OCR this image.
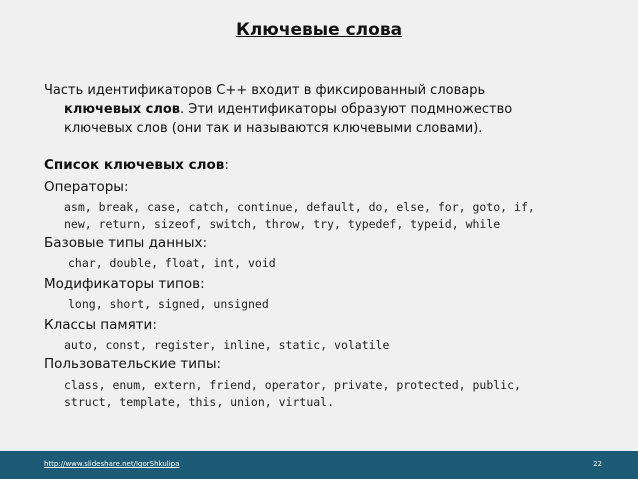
Ключевые слова
Часть идентификаторов C++ входит в фиксированный словарь
ключевых слов. Эти идентификаторы образуют подмножество
ключевых слов (они так и называются ключевыми словами).
Список ключевых слов:
Операторы:
asm, break, case, catch, continue, default, do, else, for, goto, if,
new, return, sizeof, switch, throw, try, typedef, typeid, while
Базовые типы данных:
char, double, float, int, void
Модификаторы типов:
long, short, signed, unsigned
Классы памяти:
auto, const, register, inline, static, volatile
Пользовательские типы:
class, enum, extern, friend, operator, private, protected, public,
struct, template, this, union, virtual.
http://www.slideshare.net/IgorShkulipa	22
